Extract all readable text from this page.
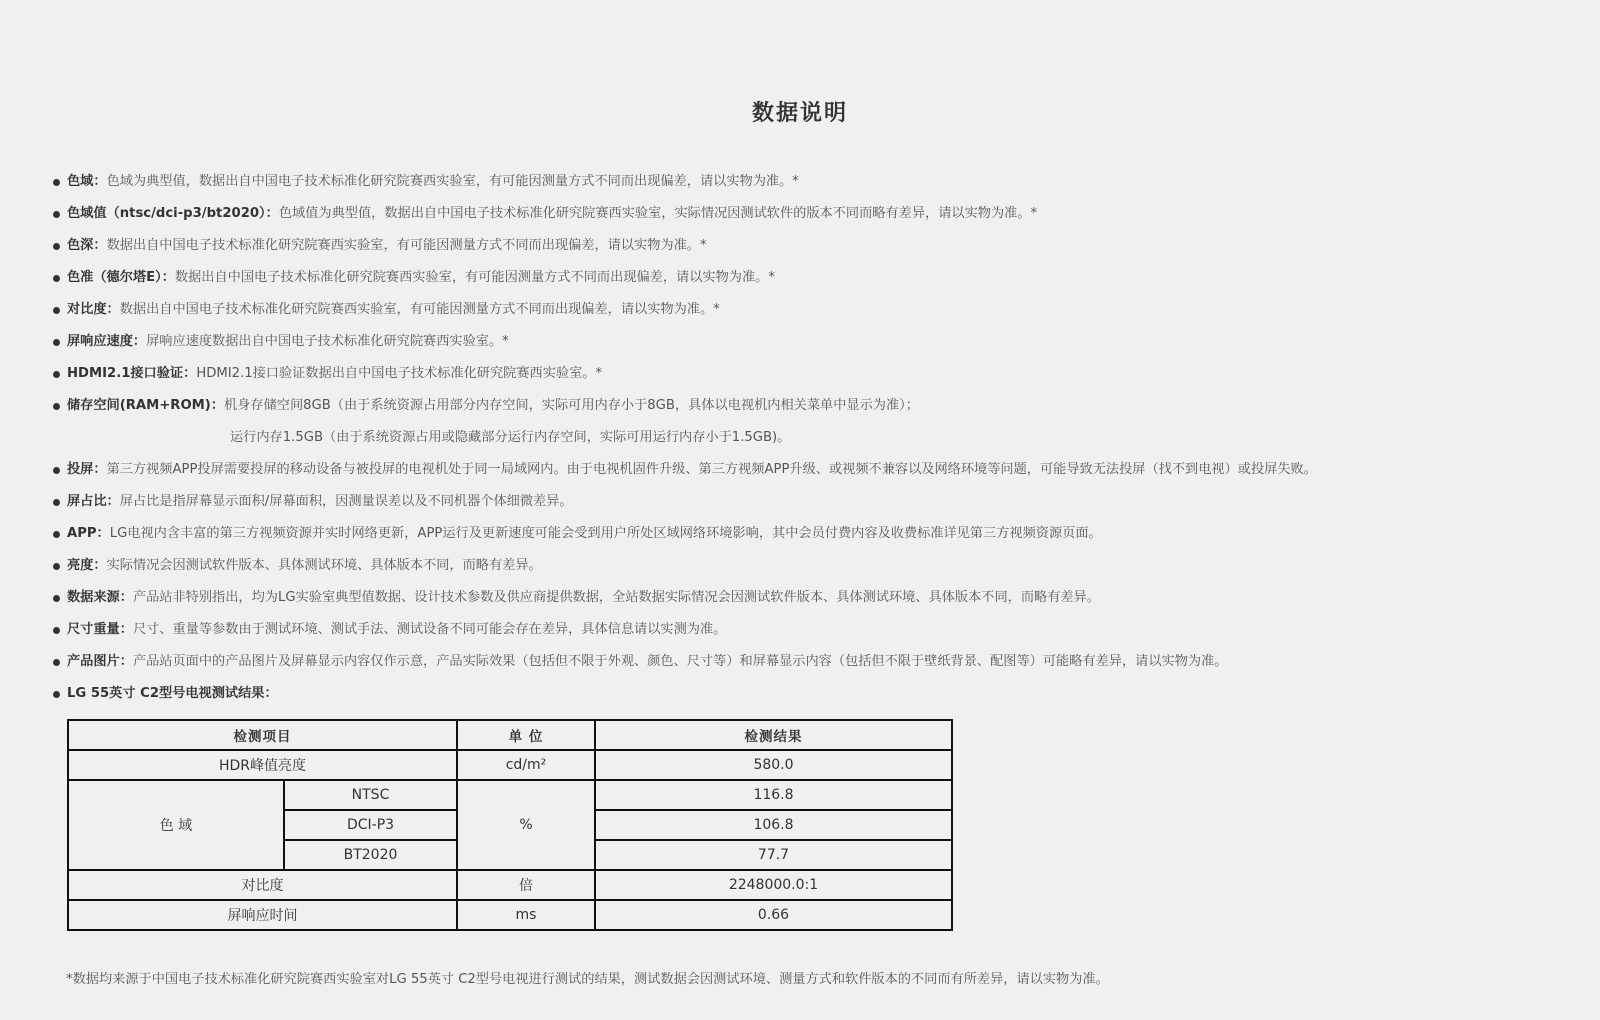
数据说明
色域：色域为典型值，数据出自中国电子技术标准化研究院赛西实验室，有可能因测量方式不同而出现偏差，请以实物为准。*
色域值（ntsc/dci-p3/bt2020）：色域值为典型值，数据出自中国电子技术标准化研究院赛西实验室，实际情况因测试软件的版本不同而略有差异，请以实物为准。*
色深：数据出自中国电子技术标准化研究院赛西实验室，有可能因测量方式不同而出现偏差，请以实物为准。*
色准（德尔塔E）：数据出自中国电子技术标准化研究院赛西实验室，有可能因测量方式不同而出现偏差，请以实物为准。*
对比度：数据出自中国电子技术标准化研究院赛西实验室，有可能因测量方式不同而出现偏差，请以实物为准。*
屏响应速度：屏响应速度数据出自中国电子技术标准化研究院赛西实验室。*
HDMI2.1接口验证：HDMI2.1接口验证数据出自中国电子技术标准化研究院赛西实验室。*
储存空间(RAM+ROM)：机身存储空间8GB（由于系统资源占用部分内存空间，实际可用内存小于8GB，具体以电视机内相关菜单中显示为准）；
运行内存1.5GB（由于系统资源占用或隐藏部分运行内存空间，实际可用运行内存小于1.5GB)。
投屏：第三方视频APP投屏需要投屏的移动设备与被投屏的电视机处于同一局域网内。由于电视机固件升级、第三方视频APP升级、或视频不兼容以及网络环境等问题，可能导致无法投屏（找不到电视）或投屏失败。
屏占比：屏占比是指屏幕显示面积/屏幕面积，因测量误差以及不同机器个体细微差异。
APP：LG电视内含丰富的第三方视频资源并实时网络更新，APP运行及更新速度可能会受到用户所处区域网络环境影响，其中会员付费内容及收费标准详见第三方视频资源页面。
亮度：实际情况会因测试软件版本、具体测试环境、具体版本不同，而略有差异。
数据来源：产品站非特别指出，均为LG实验室典型值数据、设计技术参数及供应商提供数据，全站数据实际情况会因测试软件版本、具体测试环境、具体版本不同，而略有差异。
尺寸重量：尺寸、重量等参数由于测试环境、测试手法、测试设备不同可能会存在差异，具体信息请以实测为准。
产品图片：产品站页面中的产品图片及屏幕显示内容仅作示意，产品实际效果（包括但不限于外观、颜色、尺寸等）和屏幕显示内容（包括但不限于壁纸背景、配图等）可能略有差异，请以实物为准。
LG 55英寸 C2型号电视测试结果：
检测项目		单 位	检测结果
HDR峰值亮度		cd/m²	580.0
色 域	NTSC	%	116.8
	DCI-P3		106.8
	BT2020		77.7
对比度		倍	2248000.0:1
屏响应时间		ms	0.66
*数据均来源于中国电子技术标准化研究院赛西实验室对LG 55英寸 C2型号电视进行测试的结果，测试数据会因测试环境、测量方式和软件版本的不同而有所差异，请以实物为准。
